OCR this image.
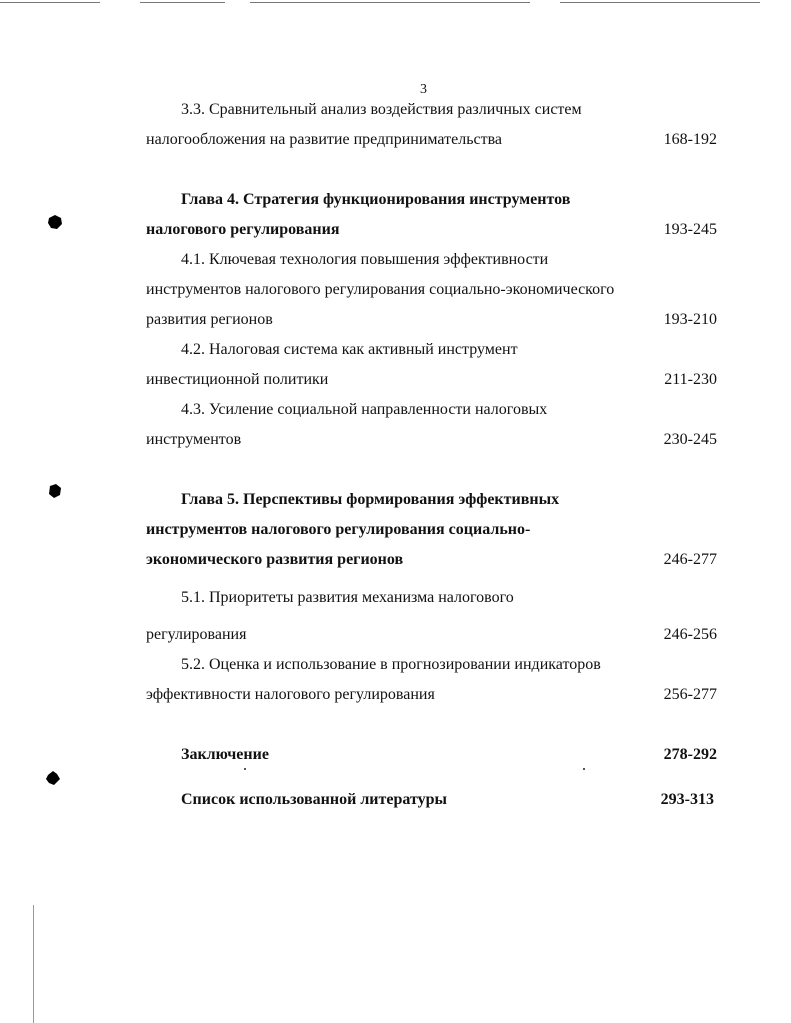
3
3.3. Сравнительный анализ воздействия различных систем
налогообложения на развитие предпринимательства	168-192
Глава 4. Стратегия функционирования инструментов
налогового регулирования	193-245
4.1. Ключевая технология повышения эффективности
инструментов налогового регулирования социально-экономического
развития регионов	193-210
4.2. Налоговая система как активный инструмент
инвестиционной политики	211-230
4.3. Усиление социальной направленности налоговых
инструментов	230-245
Глава 5. Перспективы формирования эффективных
инструментов налогового регулирования социально-
экономического развития регионов	246-277
5.1. Приоритеты развития механизма налогового
регулирования	246-256
5.2. Оценка и использование в прогнозировании индикаторов
эффективности налогового регулирования	256-277
Заключение	278-292
Список использованной литературы	293-313
